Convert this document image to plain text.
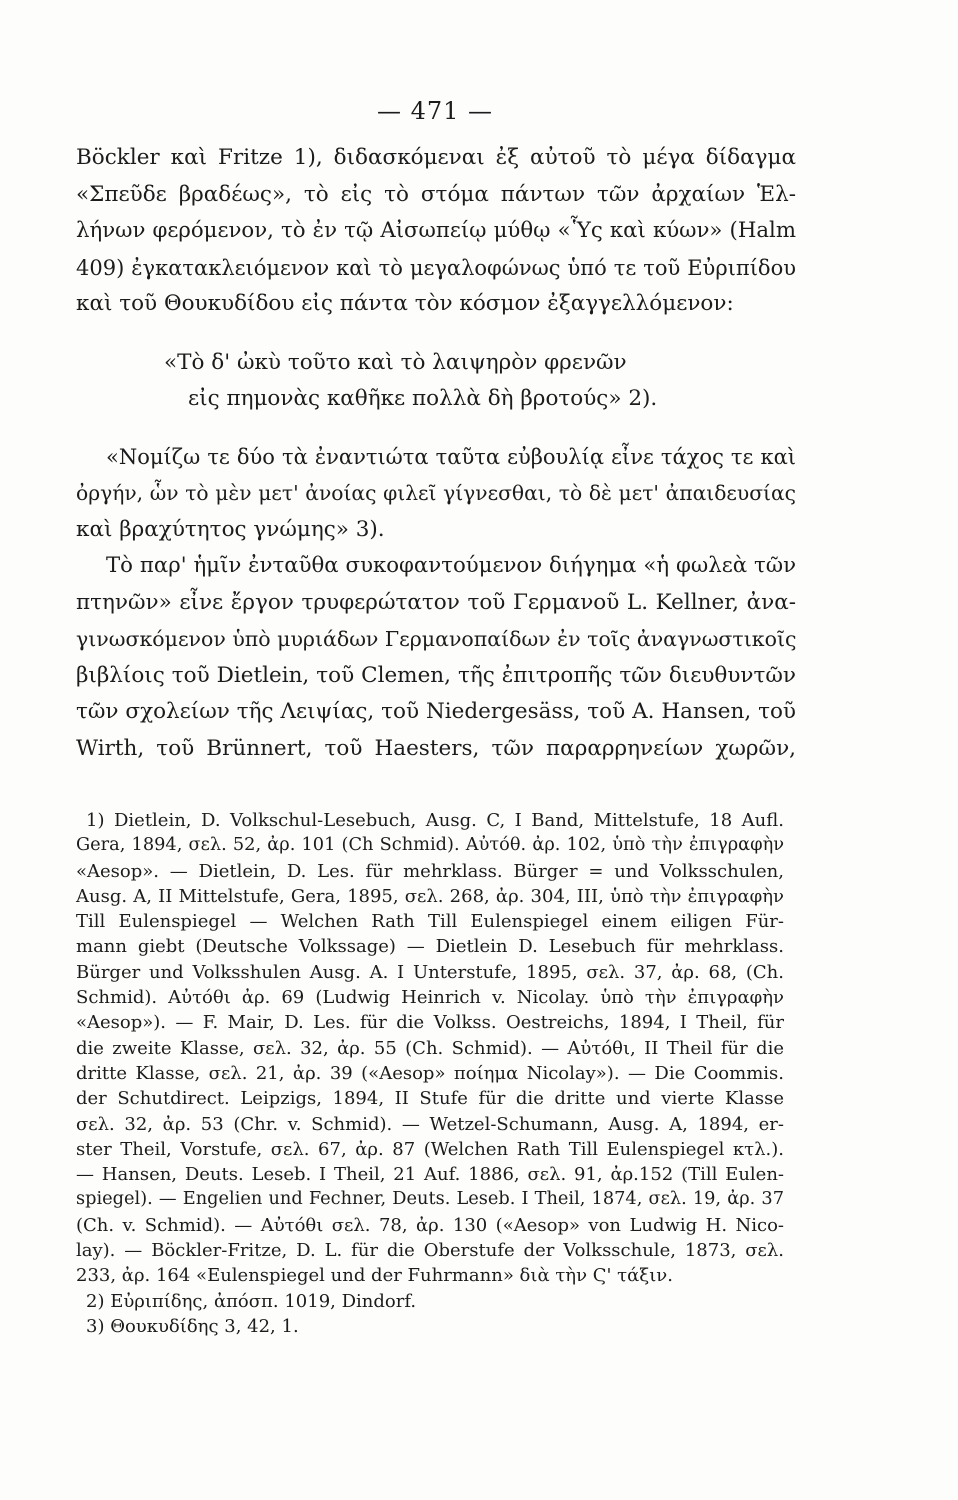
— 471 —
Böckler καὶ Fritze 1), διδασκόμεναι ἐξ αὐτοῦ τὸ μέγα δίδαγμα
«Σπεῦδε βραδέως», τὸ εἰς τὸ στόμα πάντων τῶν ἀρχαίων Ἑλ-
λήνων φερόμενον, τὸ ἐν τῷ Αἰσωπείῳ μύθῳ «Ὗς καὶ κύων» (Halm
409) ἐγκατακλειόμενον καὶ τὸ μεγαλοφώνως ὑπό τε τοῦ Εὐριπίδου
καὶ τοῦ Θουκυδίδου εἰς πάντα τὸν κόσμον ἐξαγγελλόμενον:
«Τὸ δ' ὠκὺ τοῦτο καὶ τὸ λαιψηρὸν φρενῶν
εἰς πημονὰς καθῆκε πολλὰ δὴ βροτούς» 2).
«Νομίζω τε δύο τὰ ἐναντιώτα ταῦτα εὐβουλίᾳ εἶνε τάχος τε καὶ
ὀργήν, ὧν τὸ μὲν μετ' ἀνοίας φιλεῖ γίγνεσθαι, τὸ δὲ μετ' ἀπαιδευσίας
καὶ βραχύτητος γνώμης» 3).
Τὸ παρ' ἡμῖν ἐνταῦθα συκοφαντούμενον διήγημα «ἡ φωλεὰ τῶν
πτηνῶν» εἶνε ἔργον τρυφερώτατον τοῦ Γερμανοῦ L. Kellner, ἀνα-
γινωσκόμενον ὑπὸ μυριάδων Γερμανοπαίδων ἐν τοῖς ἀναγνωστικοῖς
βιβλίοις τοῦ Dietlein, τοῦ Clemen, τῆς ἐπιτροπῆς τῶν διευθυντῶν
τῶν σχολείων τῆς Λειψίας, τοῦ Niedergesäss, τοῦ A. Hansen, τοῦ
Wirth, τοῦ Brünnert, τοῦ Haesters, τῶν παραρρηνείων χωρῶν,
1) Dietlein, D. Volkschul-Lesebuch, Ausg. C, I Band, Mittelstufe, 18 Aufl.
Gera, 1894, σελ. 52, ἀρ. 101 (Ch Schmid). Αὐτόθ. ἀρ. 102, ὑπὸ τὴν ἐπιγραφὴν
«Aesop». — Dietlein, D. Les. für mehrklass. Bürger = und Volksschulen,
Ausg. A, II Mittelstufe, Gera, 1895, σελ. 268, ἀρ. 304, III, ὑπὸ τὴν ἐπιγραφὴν
Till Eulenspiegel — Welchen Rath Till Eulenspiegel einem eiligen Für-
mann giebt (Deutsche Volkssage) — Dietlein D. Lesebuch für mehrklass.
Bürger und Volksshulen Ausg. A. I Unterstufe, 1895, σελ. 37, ἀρ. 68, (Ch.
Schmid). Αὐτόθι ἀρ. 69 (Ludwig Heinrich v. Nicolay. ὑπὸ τὴν ἐπιγραφὴν
«Aesop»). — F. Mair, D. Les. für die Volkss. Oestreichs, 1894, I Theil, für
die zweite Klasse, σελ. 32, ἀρ. 55 (Ch. Schmid). — Αὐτόθι, II Theil für die
dritte Klasse, σελ. 21, ἀρ. 39 («Aesop» ποίημα Nicolay»). — Die Coommis.
der Schutdirect. Leipzigs, 1894, II Stufe für die dritte und vierte Klasse
σελ. 32, ἀρ. 53 (Chr. v. Schmid). — Wetzel-Schumann, Ausg. A, 1894, er-
ster Theil, Vorstufe, σελ. 67, ἀρ. 87 (Welchen Rath Till Eulenspiegel κτλ.).
— Hansen, Deuts. Leseb. I Theil, 21 Auf. 1886, σελ. 91, ἀρ.152 (Till Eulen-
spiegel). — Engelien und Fechner, Deuts. Leseb. I Theil, 1874, σελ. 19, ἀρ. 37
(Ch. v. Schmid). — Αὐτόθι σελ. 78, ἀρ. 130 («Aesop» von Ludwig H. Nico-
lay). — Böckler-Fritze, D. L. für die Oberstufe der Volksschule, 1873, σελ.
233, ἀρ. 164 «Eulenspiegel und der Fuhrmann» διὰ τὴν Ϛ' τάξιν.
2) Εὐριπίδης, ἀπόσπ. 1019, Dindorf.
3) Θουκυδίδης 3, 42, 1.
